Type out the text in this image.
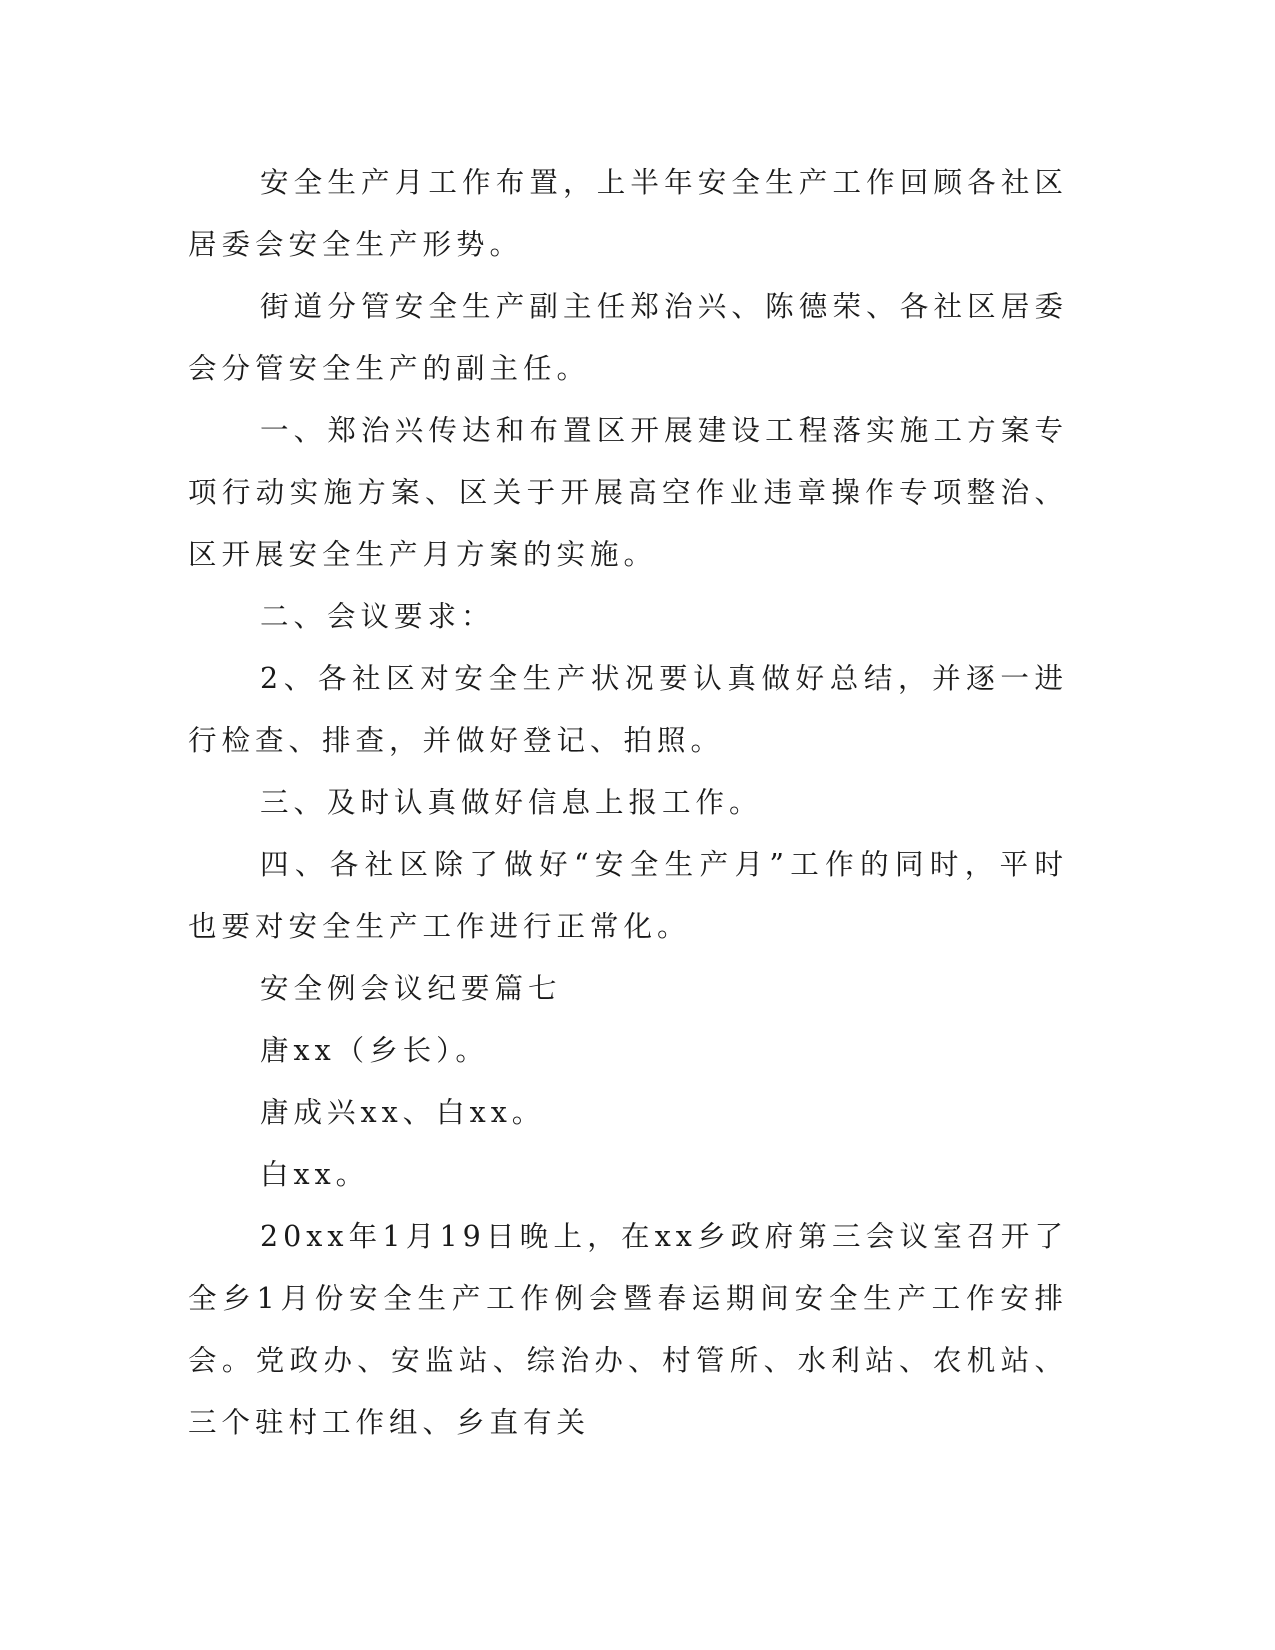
安全生产月工作布置，上半年安全生产工作回顾各社区居委会安全生产形势。

街道分管安全生产副主任郑治兴、陈德荣、各社区居委会分管安全生产的副主任。

一、郑治兴传达和布置区开展建设工程落实施工方案专项行动实施方案、区关于开展高空作业违章操作专项整治、区开展安全生产月方案的实施。

二、会议要求：

2、各社区对安全生产状况要认真做好总结，并逐一进行检查、排查，并做好登记、拍照。

三、及时认真做好信息上报工作。

四、各社区除了做好“安全生产月”工作的同时，平时也要对安全生产工作进行正常化。

安全例会议纪要篇七

唐xx（乡长）。

唐成兴xx、白xx。

白xx。

20xx年1月19日晚上，在xx乡政府第三会议室召开了全乡1月份安全生产工作例会暨春运期间安全生产工作安排会。党政办、安监站、综治办、村管所、水利站、农机站、三个驻村工作组、乡直有关
